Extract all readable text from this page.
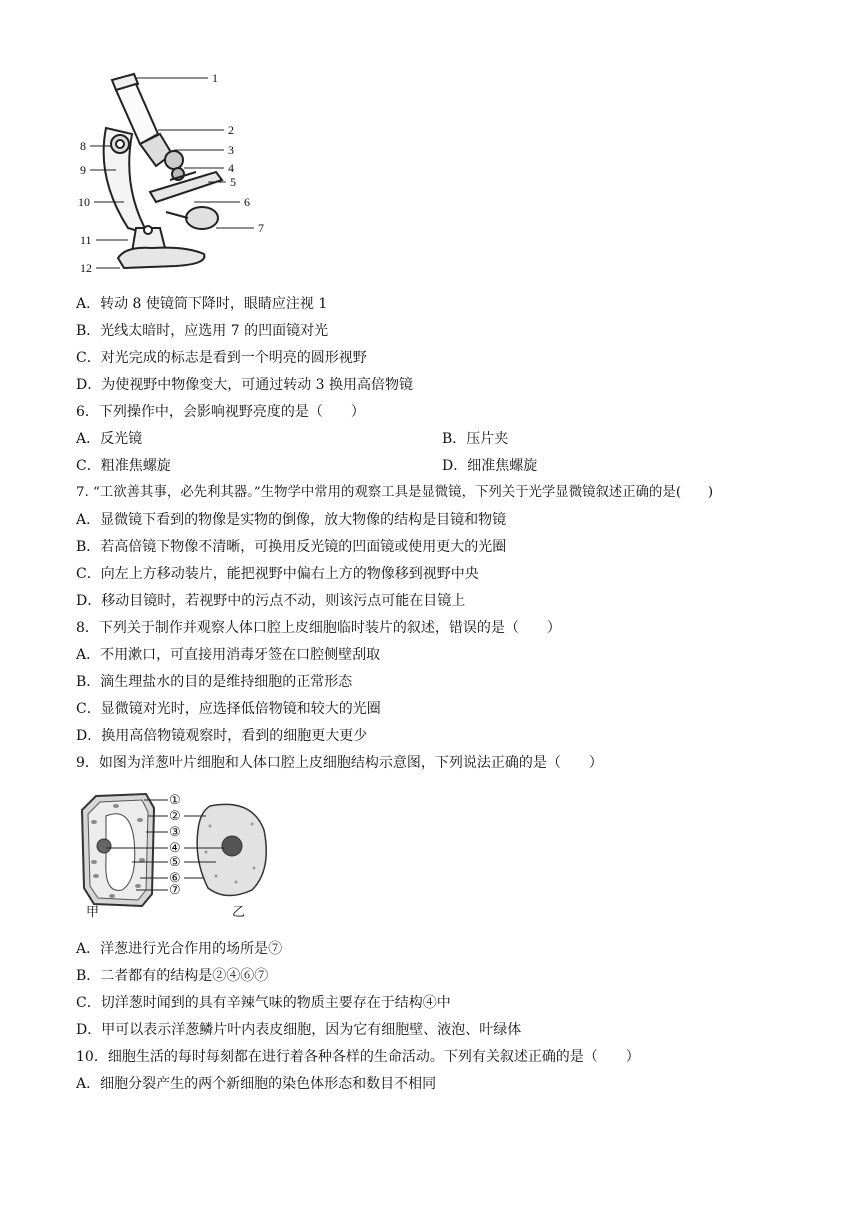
1
2
3
4
5
6
7
8
9
10
11
12
A．转动 8 使镜筒下降时，眼睛应注视 1
B．光线太暗时，应选用 7 的凹面镜对光
C．对光完成的标志是看到一个明亮的圆形视野
D．为使视野中物像变大，可通过转动 3 换用高倍物镜
6．下列操作中，会影响视野亮度的是（　　）
A．反光镜	B．压片夹
C．粗准焦螺旋	D．细准焦螺旋
7. “工欲善其事，必先利其器。”生物学中常用的观察工具是显微镜，下列关于光学显微镜叙述正确的是(　　)
A．显微镜下看到的物像是实物的倒像，放大物像的结构是目镜和物镜
B．若高倍镜下物像不清晰，可换用反光镜的凹面镜或使用更大的光圈
C．向左上方移动装片，能把视野中偏右上方的物像移到视野中央
D．移动目镜时，若视野中的污点不动，则该污点可能在目镜上
8．下列关于制作并观察人体口腔上皮细胞临时装片的叙述，错误的是（　　）
A．不用漱口，可直接用消毒牙签在口腔侧壁刮取
B．滴生理盐水的目的是维持细胞的正常形态
C．显微镜对光时，应选择低倍物镜和较大的光圈
D．换用高倍物镜观察时，看到的细胞更大更少
9．如图为洋葱叶片细胞和人体口腔上皮细胞结构示意图，下列说法正确的是（　　）
①
②
③
④
⑤
⑥
⑦
甲	乙
A．洋葱进行光合作用的场所是⑦
B．二者都有的结构是②④⑥⑦
C．切洋葱时闻到的具有辛辣气味的物质主要存在于结构④中
D．甲可以表示洋葱鳞片叶内表皮细胞，因为它有细胞壁、液泡、叶绿体
10．细胞生活的每时每刻都在进行着各种各样的生命活动。下列有关叙述正确的是（　　）
A．细胞分裂产生的两个新细胞的染色体形态和数目不相同
